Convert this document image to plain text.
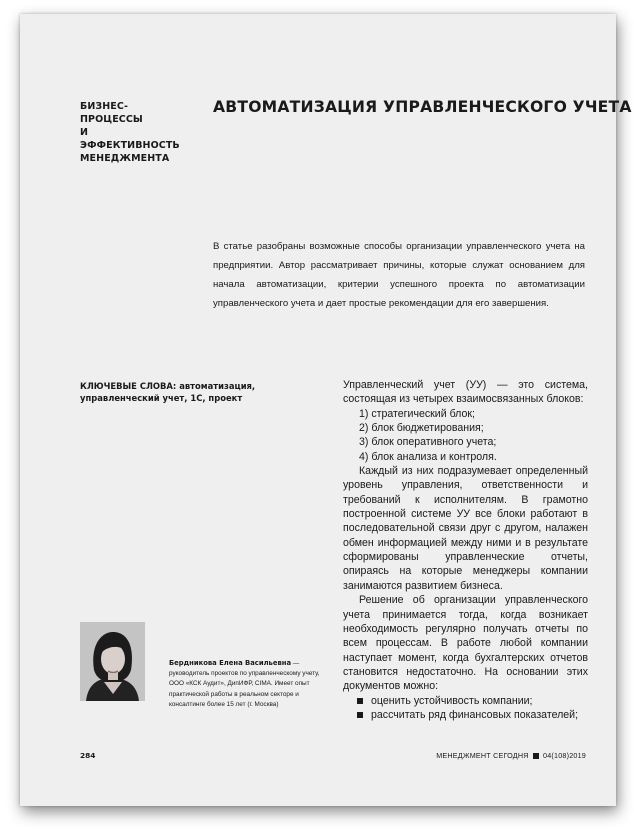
БИЗНЕС-ПРОЦЕССЫ
И ЭФФЕКТИВНОСТЬ
МЕНЕДЖМЕНТА
АВТОМАТИЗАЦИЯ УПРАВЛЕНЧЕСКОГО УЧЕТА

В статье разобраны возможные способы организации управленческого учета на предприятии. Автор рассматривает причины, которые служат основанием для начала автоматизации, критерии успешного проекта по автоматизации управленческого учета и дает простые рекомендации для его завершения.

КЛЮЧЕВЫЕ СЛОВА: автоматизация, управленческий учет, 1С, проект

Управленческий учет (УУ) — это система, состоящая из четырех взаимосвязанных блоков:

1) стратегический блок;

2) блок бюджетирования;

3) блок оперативного учета;

4) блок анализа и контроля.

Каждый из них подразумевает определенный уровень управления, ответственности и требований к исполнителям. В грамотно построенной системе УУ все блоки работают в последовательной связи друг с другом, налажен обмен информацией между ними и в результате сформированы управленческие отчеты, опираясь на которые менеджеры компании занимаются развитием бизнеса.

Решение об организации управленческого учета принимается тогда, когда возникает необходимость регулярно получать отчеты по всем процессам. В работе любой компании наступает момент, когда бухгалтерских отчетов становится недостаточно. На основании этих документов можно:

оценить устойчивость компании;

рассчитать ряд финансовых показателей;

Бердникова Елена Васильевна — руководитель проектов по управленческому учету, ООО «КСК Аудит», ДипИФР, CIMA. Имеет опыт практической работы в реальном секторе и консалтинге более 15 лет (г. Москва)
284	МЕНЕДЖМЕНТ СЕГОДНЯ 04(108)2019
